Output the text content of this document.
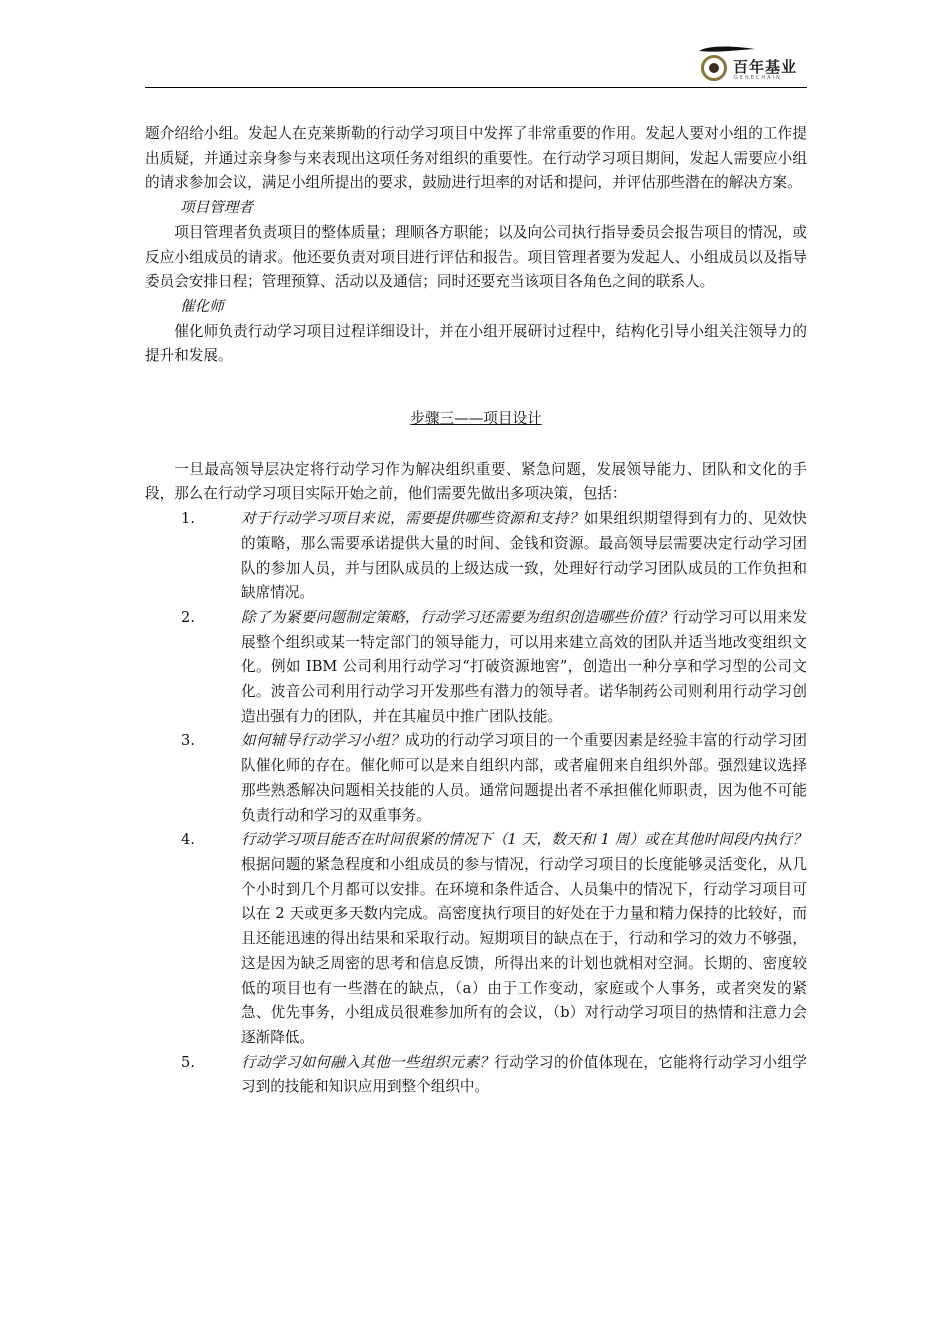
百年基业
GENECHAIN

题介绍给小组。发起人在克莱斯勒的行动学习项目中发挥了非常重要的作用。发起人要对小组的工作提出质疑，并通过亲身参与来表现出这项任务对组织的重要性。在行动学习项目期间，发起人需要应小组的请求参加会议，满足小组所提出的要求，鼓励进行坦率的对话和提问，并评估那些潜在的解决方案。

项目管理者

项目管理者负责项目的整体质量；理顺各方职能；以及向公司执行指导委员会报告项目的情况，或反应小组成员的请求。他还要负责对项目进行评估和报告。项目管理者要为发起人、小组成员以及指导委员会安排日程；管理预算、活动以及通信；同时还要充当该项目各角色之间的联系人。

催化师

催化师负责行动学习项目过程详细设计，并在小组开展研讨过程中，结构化引导小组关注领导力的提升和发展。

步骤三——项目设计

一旦最高领导层决定将行动学习作为解决组织重要、紧急问题，发展领导能力、团队和文化的手段，那么在行动学习项目实际开始之前，他们需要先做出多项决策，包括：

1.	对于行动学习项目来说，需要提供哪些资源和支持？如果组织期望得到有力的、见效快的策略，那么需要承诺提供大量的时间、金钱和资源。最高领导层需要决定行动学习团队的参加人员，并与团队成员的上级达成一致，处理好行动学习团队成员的工作负担和缺席情况。
2.	除了为紧要问题制定策略，行动学习还需要为组织创造哪些价值？行动学习可以用来发展整个组织或某一特定部门的领导能力，可以用来建立高效的团队并适当地改变组织文化。例如 IBM 公司利用行动学习“打破资源地窖”，创造出一种分享和学习型的公司文化。波音公司利用行动学习开发那些有潜力的领导者。诺华制药公司则利用行动学习创造出强有力的团队，并在其雇员中推广团队技能。
3.	如何辅导行动学习小组？成功的行动学习项目的一个重要因素是经验丰富的行动学习团队催化师的存在。催化师可以是来自组织内部，或者雇佣来自组织外部。强烈建议选择那些熟悉解决问题相关技能的人员。通常问题提出者不承担催化师职责，因为他不可能负责行动和学习的双重事务。
4.	行动学习项目能否在时间很紧的情况下（1 天，数天和 1 周）或在其他时间段内执行？根据问题的紧急程度和小组成员的参与情况，行动学习项目的长度能够灵活变化，从几个小时到几个月都可以安排。在环境和条件适合、人员集中的情况下，行动学习项目可以在 2 天或更多天数内完成。高密度执行项目的好处在于力量和精力保持的比较好，而且还能迅速的得出结果和采取行动。短期项目的缺点在于，行动和学习的效力不够强，这是因为缺乏周密的思考和信息反馈，所得出来的计划也就相对空洞。长期的、密度较低的项目也有一些潜在的缺点，（a）由于工作变动，家庭或个人事务，或者突发的紧急、优先事务，小组成员很难参加所有的会议，（b）对行动学习项目的热情和注意力会逐渐降低。
5.	行动学习如何融入其他一些组织元素？行动学习的价值体现在，它能将行动学习小组学习到的技能和知识应用到整个组织中。
